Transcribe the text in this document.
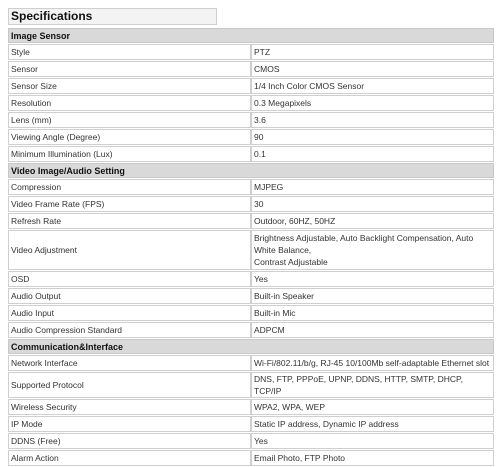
Specifications
Image Sensor	
Style	PTZ
Sensor	CMOS
Sensor Size	1/4 Inch Color CMOS Sensor
Resolution	0.3 Megapixels
Lens (mm)	3.6
Viewing Angle (Degree)	90
Minimum Illumination (Lux)	0.1
Video Image/Audio Setting	
Compression	MJPEG
Video Frame Rate (FPS)	30
Refresh Rate	Outdoor, 60HZ, 50HZ
Video Adjustment	Brightness Adjustable, Auto Backlight Compensation, Auto White Balance,
Contrast Adjustable
OSD	Yes
Audio Output	Built-in Speaker
Audio Input	Built-in Mic
Audio Compression Standard	ADPCM
Communication&Interface	
Network Interface	Wi-Fi/802.11/b/g, RJ-45 10/100Mb self-adaptable Ethernet slot
Supported Protocol	DNS, FTP, PPPoE, UPNP, DDNS, HTTP, SMTP, DHCP, TCP/IP
Wireless Security	WPA2, WPA, WEP
IP Mode	Static IP address, Dynamic IP address
DDNS (Free)	Yes
Alarm Action	Email Photo, FTP Photo
